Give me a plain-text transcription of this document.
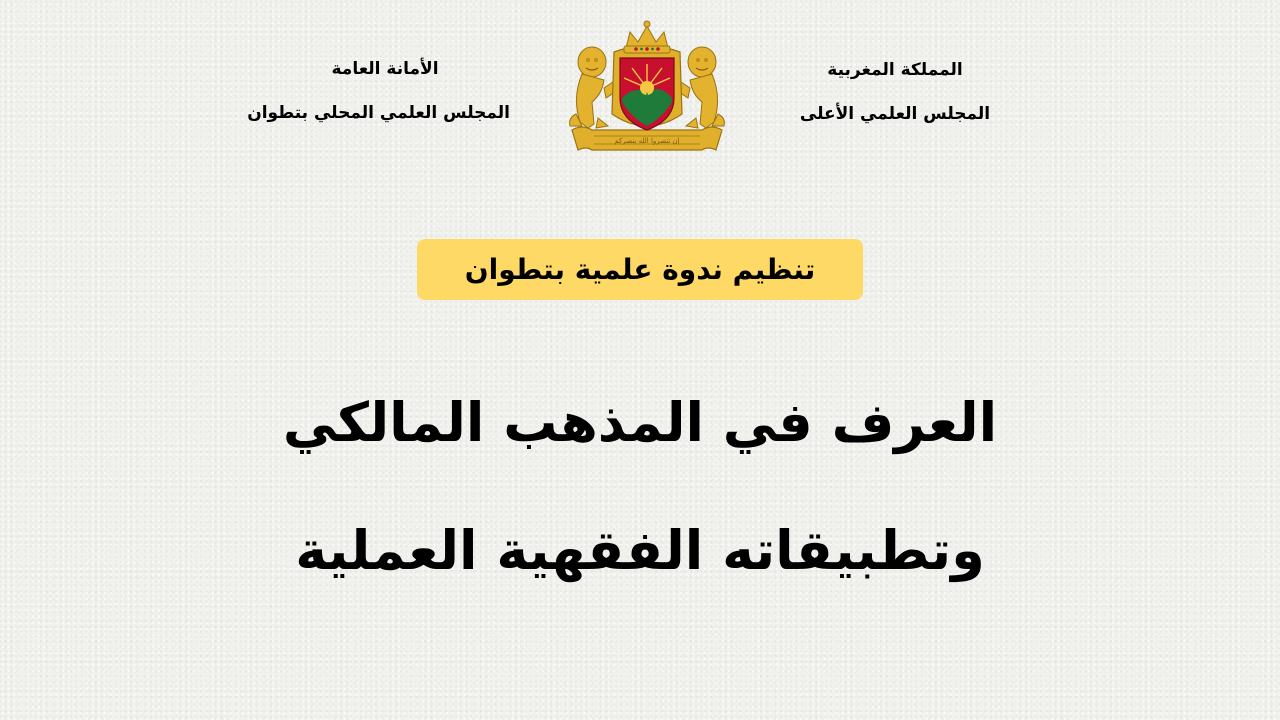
المملكة المغربية
المجلس العلمي الأعلى
الأمانة العامة
المجلس العلمي المحلي بتطوان
إن تنصروا الله ينصركم
تنظيم ندوة علمية بتطوان
العرف في المذهب المالكي
وتطبيقاته الفقهية العملية
